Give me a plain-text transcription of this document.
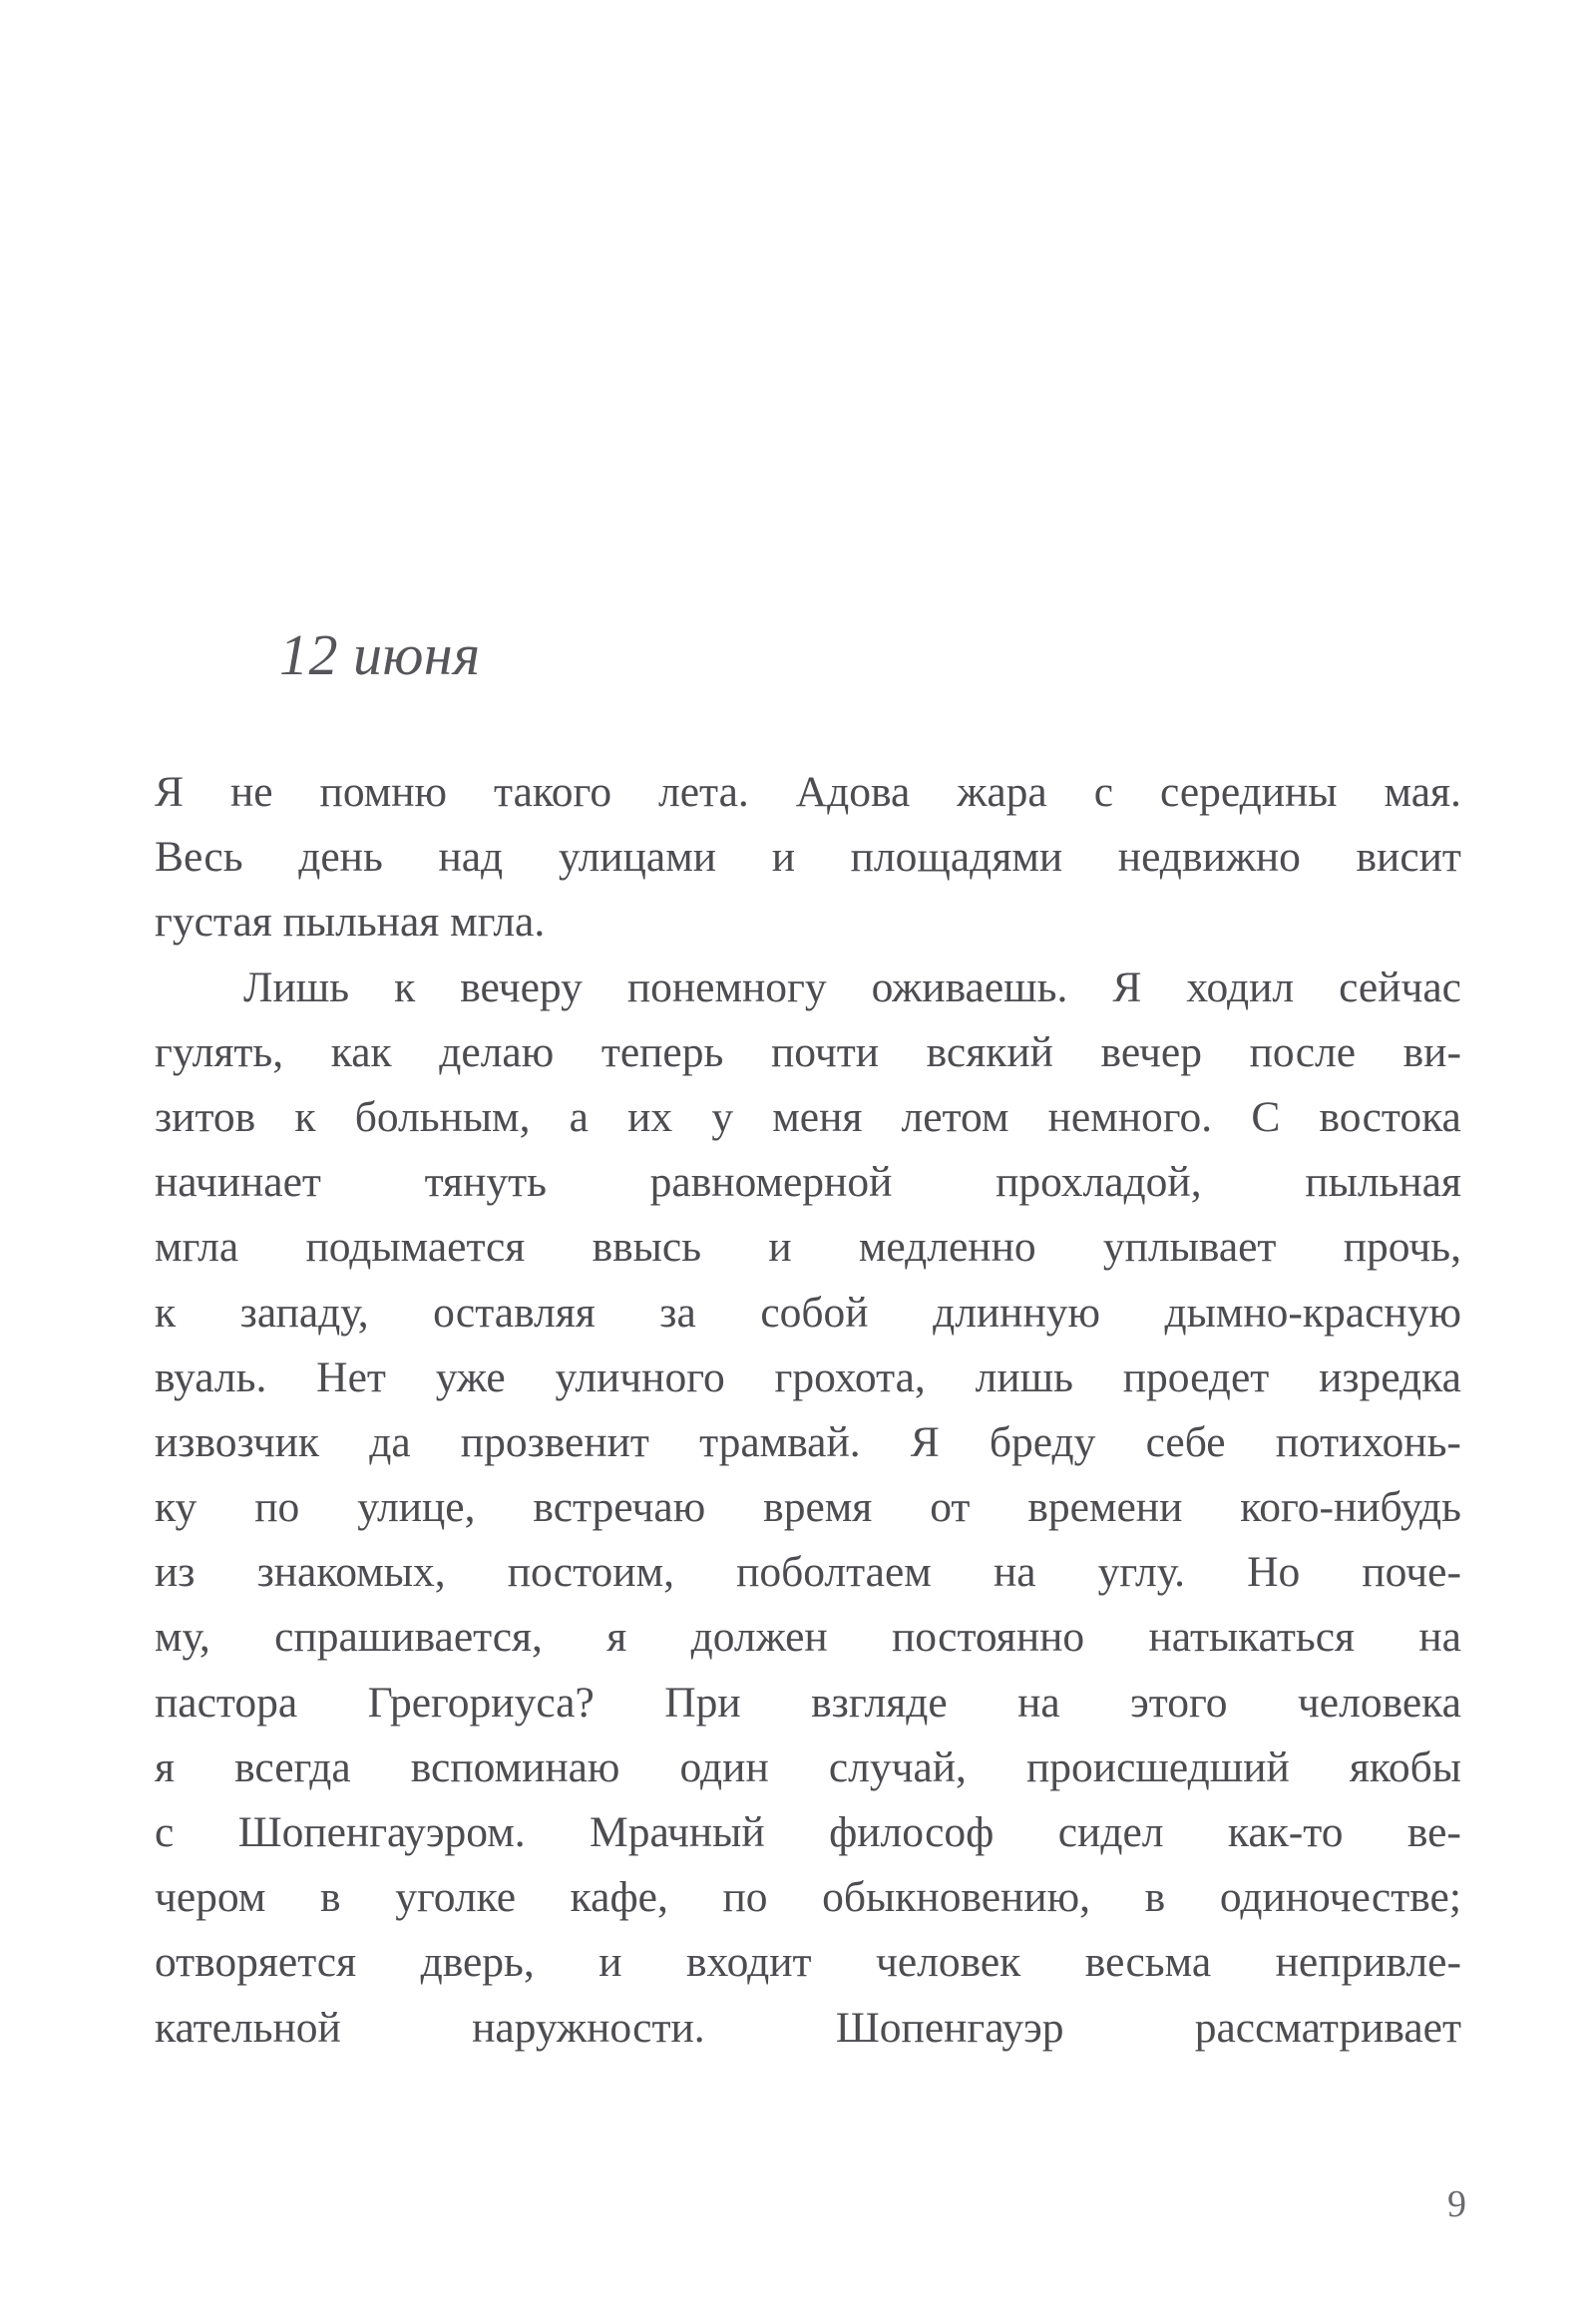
12 июня

Я не помню такого лета. Адова жара с середины мая.
Весь день над улицами и площадями недвижно висит
густая пыльная мгла.

Лишь к вечеру понемногу оживаешь. Я ходил сейчас
гулять, как делаю теперь почти всякий вечер после ви-
зитов к больным, а их у меня летом немного. С востока
начинает тянуть равномерной прохладой, пыльная
мгла подымается ввысь и медленно уплывает прочь,
к западу, оставляя за собой длинную дымно-красную
вуаль. Нет уже уличного грохота, лишь проедет изредка
извозчик да прозвенит трамвай. Я бреду себе потихонь-
ку по улице, встречаю время от времени кого-нибудь
из знакомых, постоим, поболтаем на углу. Но поче-
му, спрашивается, я должен постоянно натыкаться на
пастора Грегориуса? При взгляде на этого человека
я всегда вспоминаю один случай, происшедший якобы
с Шопенгауэром. Мрачный философ сидел как-то ве-
чером в уголке кафе, по обыкновению, в одиночестве;
отворяется дверь, и входит человек весьма непривле-
кательной	наружности.	Шопенгауэр	рассматривает

9
